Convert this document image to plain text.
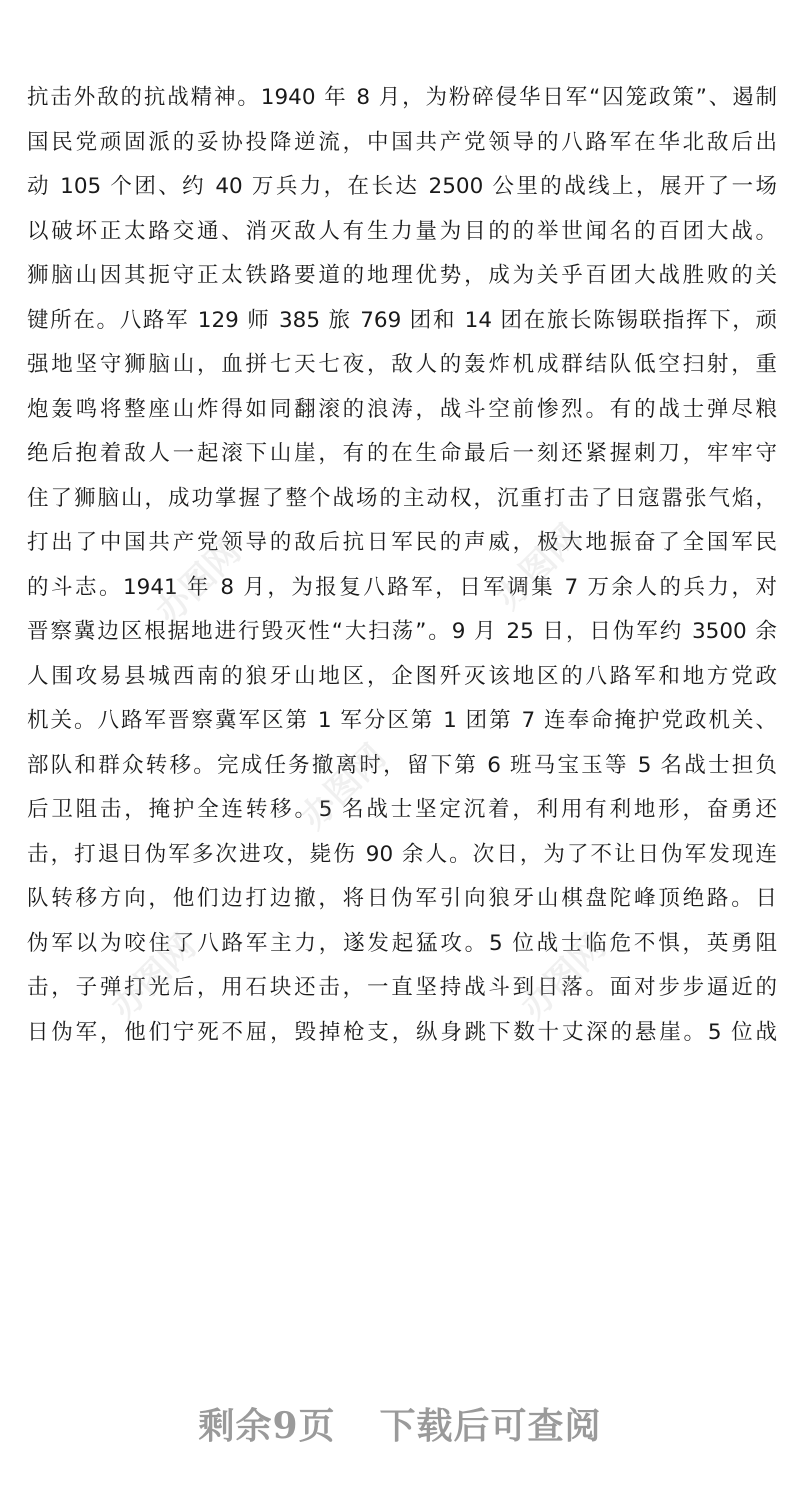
抗击外敌的抗战精神。1940 年 8 月，为粉碎侵华日军“囚笼政策”、遏制
国民党顽固派的妥协投降逆流，中国共产党领导的八路军在华北敌后出
动 105 个团、约 40 万兵力，在长达 2500 公里的战线上，展开了一场
以破坏正太路交通、消灭敌人有生力量为目的的举世闻名的百团大战。
狮脑山因其扼守正太铁路要道的地理优势，成为关乎百团大战胜败的关
键所在。八路军 129 师 385 旅 769 团和 14 团在旅长陈锡联指挥下，顽
强地坚守狮脑山，血拼七天七夜，敌人的轰炸机成群结队低空扫射，重
炮轰鸣将整座山炸得如同翻滚的浪涛，战斗空前惨烈。有的战士弹尽粮
绝后抱着敌人一起滚下山崖，有的在生命最后一刻还紧握刺刀，牢牢守
住了狮脑山，成功掌握了整个战场的主动权，沉重打击了日寇嚣张气焰，
打出了中国共产党领导的敌后抗日军民的声威，极大地振奋了全国军民
的斗志。1941 年 8 月，为报复八路军，日军调集 7 万余人的兵力，对
晋察冀边区根据地进行毁灭性“大扫荡”。9 月 25 日，日伪军约 3500 余
人围攻易县城西南的狼牙山地区，企图歼灭该地区的八路军和地方党政
机关。八路军晋察冀军区第 1 军分区第 1 团第 7 连奉命掩护党政机关、
部队和群众转移。完成任务撤离时，留下第 6 班马宝玉等 5 名战士担负
后卫阻击，掩护全连转移。5 名战士坚定沉着，利用有利地形，奋勇还
击，打退日伪军多次进攻，毙伤 90 余人。次日，为了不让日伪军发现连
队转移方向，他们边打边撤，将日伪军引向狼牙山棋盘陀峰顶绝路。日
伪军以为咬住了八路军主力，遂发起猛攻。5 位战士临危不惧，英勇阻
击，子弹打光后，用石块还击，一直坚持战斗到日落。面对步步逼近的
日伪军，他们宁死不屈，毁掉枪支，纵身跳下数十丈深的悬崖。5 位战
办图网	办图网
办图网
办图网	办图网
剩余9页 下载后可查阅
